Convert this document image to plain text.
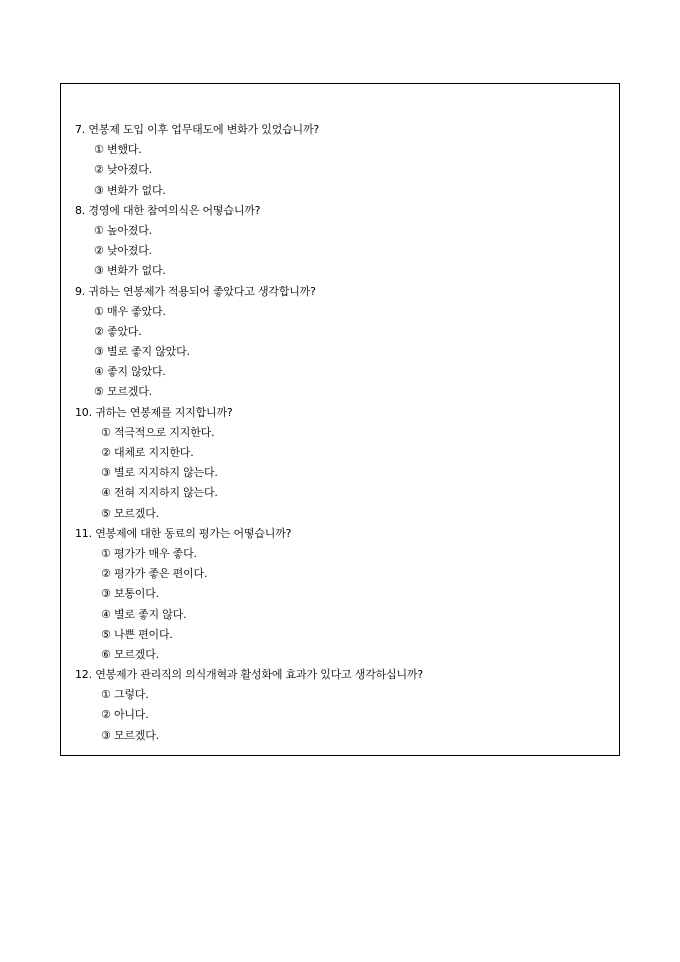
7. 연봉제 도입 이후 업무태도에 변화가 있었습니까?
① 변했다.
② 낮아졌다.
③ 변화가 없다.
8. 경영에 대한 참여의식은 어떻습니까?
① 높아졌다.
② 낮아졌다.
③ 변화가 없다.
9. 귀하는 연봉제가 적용되어 좋았다고 생각합니까?
① 매우 좋았다.
② 좋았다.
③ 별로 좋지 않았다.
④ 좋지 않았다.
⑤ 모르겠다.
10. 귀하는 연봉제를 지지합니까?
① 적극적으로 지지한다.
② 대체로 지지한다.
③ 별로 지지하지 않는다.
④ 전혀 지지하지 않는다.
⑤ 모르겠다.
11. 연봉제에 대한 동료의 평가는 어떻습니까?
① 평가가 매우 좋다.
② 평가가 좋은 편이다.
③ 보통이다.
④ 별로 좋지 않다.
⑤ 나쁜 편이다.
⑥ 모르겠다.
12. 연봉제가 관리직의 의식개혁과 활성화에 효과가 있다고 생각하십니까?
① 그렇다.
② 아니다.
③ 모르겠다.
